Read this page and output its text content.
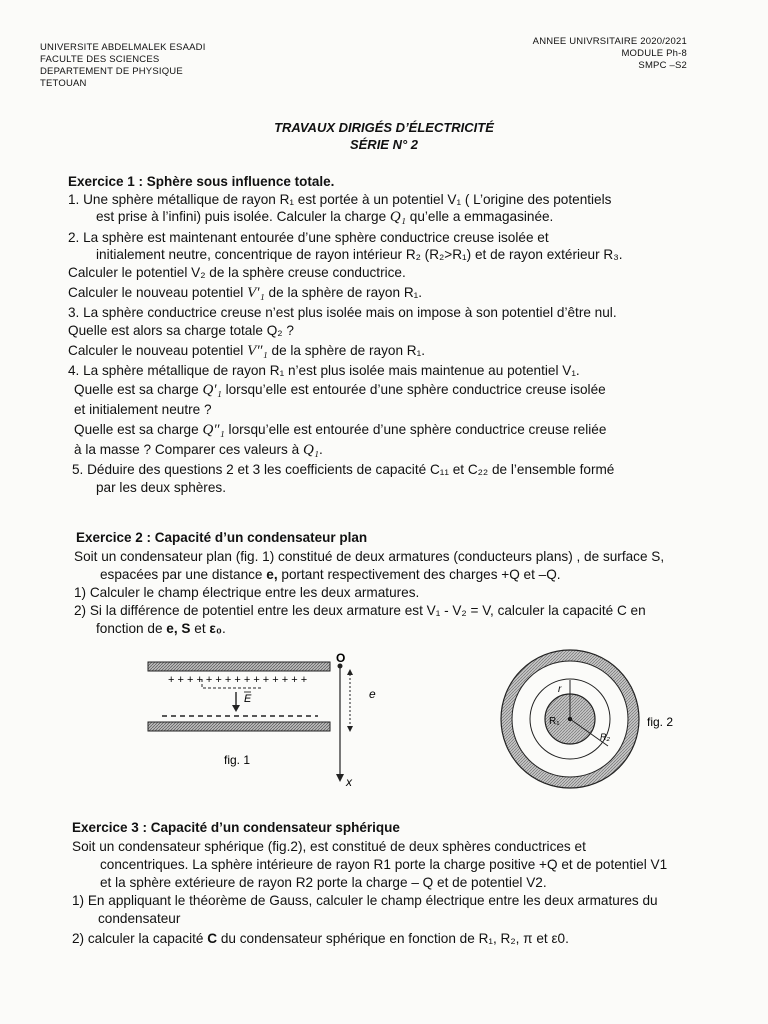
UNIVERSITE ABDELMALEK ESAADI
FACULTE DES SCIENCES
DEPARTEMENT DE PHYSIQUE
TETOUAN
ANNEE UNIVRSITAIRE 2020/2021
MODULE Ph-8
SMPC –S2
TRAVAUX DIRIGÉS D’ÉLECTRICITÉ
SÉRIE N° 2
Exercice 1 : Sphère sous influence totale.
1. Une sphère métallique de rayon R₁ est portée à un potentiel V₁ ( L’origine des potentiels
est prise à l’infini) puis isolée. Calculer la charge Q₁ qu’elle a emmagasinée.
2. La sphère est maintenant entourée d’une sphère conductrice creuse isolée et
initialement neutre, concentrique de rayon intérieur R₂ (R₂>R₁) et de rayon extérieur R₃.
Calculer le potentiel V₂ de la sphère creuse conductrice.
Calculer le nouveau potentiel V′₁ de la sphère de rayon R₁.
3. La sphère conductrice creuse n’est plus isolée mais on impose à son potentiel d’être nul.
Quelle est alors sa charge totale Q₂ ?
Calculer le nouveau potentiel V″₁ de la sphère de rayon R₁.
4. La sphère métallique de rayon R₁ n’est plus isolée mais maintenue au potentiel V₁.
Quelle est sa charge Q′₁ lorsqu’elle est entourée d’une sphère conductrice creuse isolée
et initialement neutre ?
Quelle est sa charge Q″₁ lorsqu’elle est entourée d’une sphère conductrice creuse reliée
à la masse ? Comparer ces valeurs à Q₁.
5. Déduire des questions 2 et 3 les coefficients de capacité C₁₁ et C₂₂ de l’ensemble formé
par les deux sphères.
Exercice 2 : Capacité d’un condensateur plan
Soit un condensateur plan (fig. 1) constitué de deux armatures (conducteurs plans) , de surface S,
espacées par une distance e, portant respectivement des charges +Q et –Q.
1) Calculer le champ électrique entre les deux armatures.
2) Si la différence de potentiel entre les deux armature est V₁ - V₂ = V, calculer la capacité C en
fonction de e, S et ε₀.
+ + + + + + + + + + + + + + +
E
O
x
e
fig. 1
r
R₁
R₂
fig. 2
Exercice 3 : Capacité d’un condensateur sphérique
Soit un condensateur sphérique (fig.2), est constitué de deux sphères conductrices et
concentriques. La sphère intérieure de rayon R1 porte la charge positive +Q et de potentiel V1
et la sphère extérieure de rayon R2 porte la charge – Q et de potentiel V2.
1) En appliquant le théorème de Gauss, calculer le champ électrique entre les deux armatures du
condensateur
2) calculer la capacité C du condensateur sphérique en fonction de R₁, R₂, π et ε0.
